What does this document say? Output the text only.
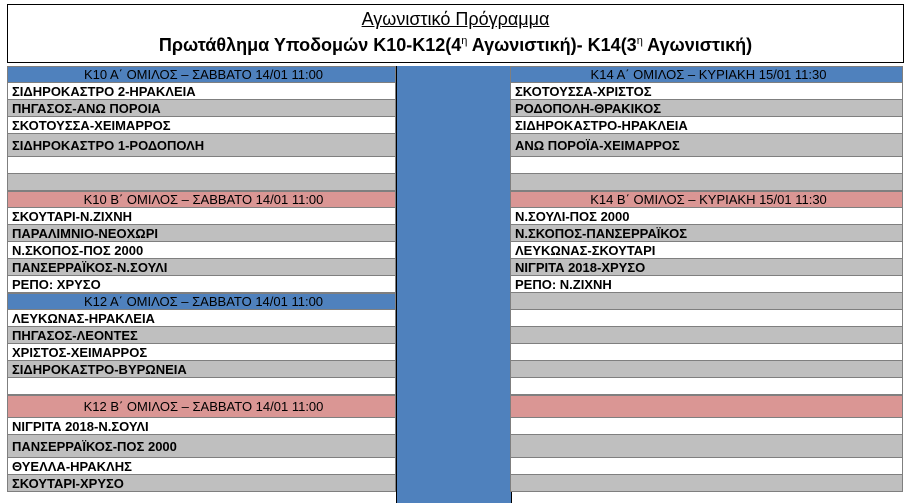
Αγωνιστικό Πρόγραμμα
Πρωτάθλημα Υποδομών $K10-K12(4^\eta$ Αγωνιστική)- $K14(3^\eta$ Αγωνιστική)
Κ10 Α΄ ΟΜΙΛΟΣ – ΣΑΒΒΑΤΟ 14/01 11:00
ΣΙΔΗΡΟΚΑΣΤΡΟ 2-ΗΡΑΚΛΕΙΑ
ΠΗΓΑΣΟΣ-ΑΝΩ ΠΟΡΟΙΑ
ΣΚΟΤΟΥΣΣΑ-ΧΕΙΜΑΡΡΟΣ
ΣΙΔΗΡΟΚΑΣΤΡΟ 1-ΡΟΔΟΠΟΛΗ
Κ10 Β΄ ΟΜΙΛΟΣ – ΣΑΒΒΑΤΟ 14/01 11:00
ΣΚΟΥΤΑΡΙ-Ν.ΖΙΧΝΗ
ΠΑΡΑΛΙΜΝΙΟ-ΝΕΟΧΩΡΙ
Ν.ΣΚΟΠΟΣ-ΠΟΣ 2000
ΠΑΝΣΕΡΡΑΪΚΟΣ-Ν.ΣΟΥΛΙ
ΡΕΠΟ: ΧΡΥΣΟ
Κ12 Α΄ ΟΜΙΛΟΣ – ΣΑΒΒΑΤΟ 14/01 11:00
ΛΕΥΚΩΝΑΣ-ΗΡΑΚΛΕΙΑ
ΠΗΓΑΣΟΣ-ΛΕΟΝΤΕΣ
ΧΡΙΣΤΟΣ-ΧΕΙΜΑΡΡΟΣ
ΣΙΔΗΡΟΚΑΣΤΡΟ-ΒΥΡΩΝΕΙΑ
Κ12 Β΄ ΟΜΙΛΟΣ – ΣΑΒΒΑΤΟ 14/01 11:00
ΝΙΓΡΙΤΑ 2018-Ν.ΣΟΥΛΙ
ΠΑΝΣΕΡΡΑΪΚΟΣ-ΠΟΣ 2000
ΘΥΕΛΛΑ-ΗΡΑΚΛΗΣ
ΣΚΟΥΤΑΡΙ-ΧΡΥΣΟ
Κ14 Α΄ ΟΜΙΛΟΣ – ΚΥΡΙΑΚΗ 15/01 11:30
ΣΚΟΤΟΥΣΣΑ-ΧΡΙΣΤΟΣ
ΡΟΔΟΠΟΛΗ-ΘΡΑΚΙΚΟΣ
ΣΙΔΗΡΟΚΑΣΤΡΟ-ΗΡΑΚΛΕΙΑ
ΑΝΩ ΠΟΡΟΪΑ-ΧΕΙΜΑΡΡΟΣ
Κ14 Β΄ ΟΜΙΛΟΣ – ΚΥΡΙΑΚΗ 15/01 11:30
Ν.ΣΟΥΛΙ-ΠΟΣ 2000
Ν.ΣΚΟΠΟΣ-ΠΑΝΣΕΡΡΑΪΚΟΣ
ΛΕΥΚΩΝΑΣ-ΣΚΟΥΤΑΡΙ
ΝΙΓΡΙΤΑ 2018-ΧΡΥΣΟ
ΡΕΠΟ: Ν.ΖΙΧΝΗ
